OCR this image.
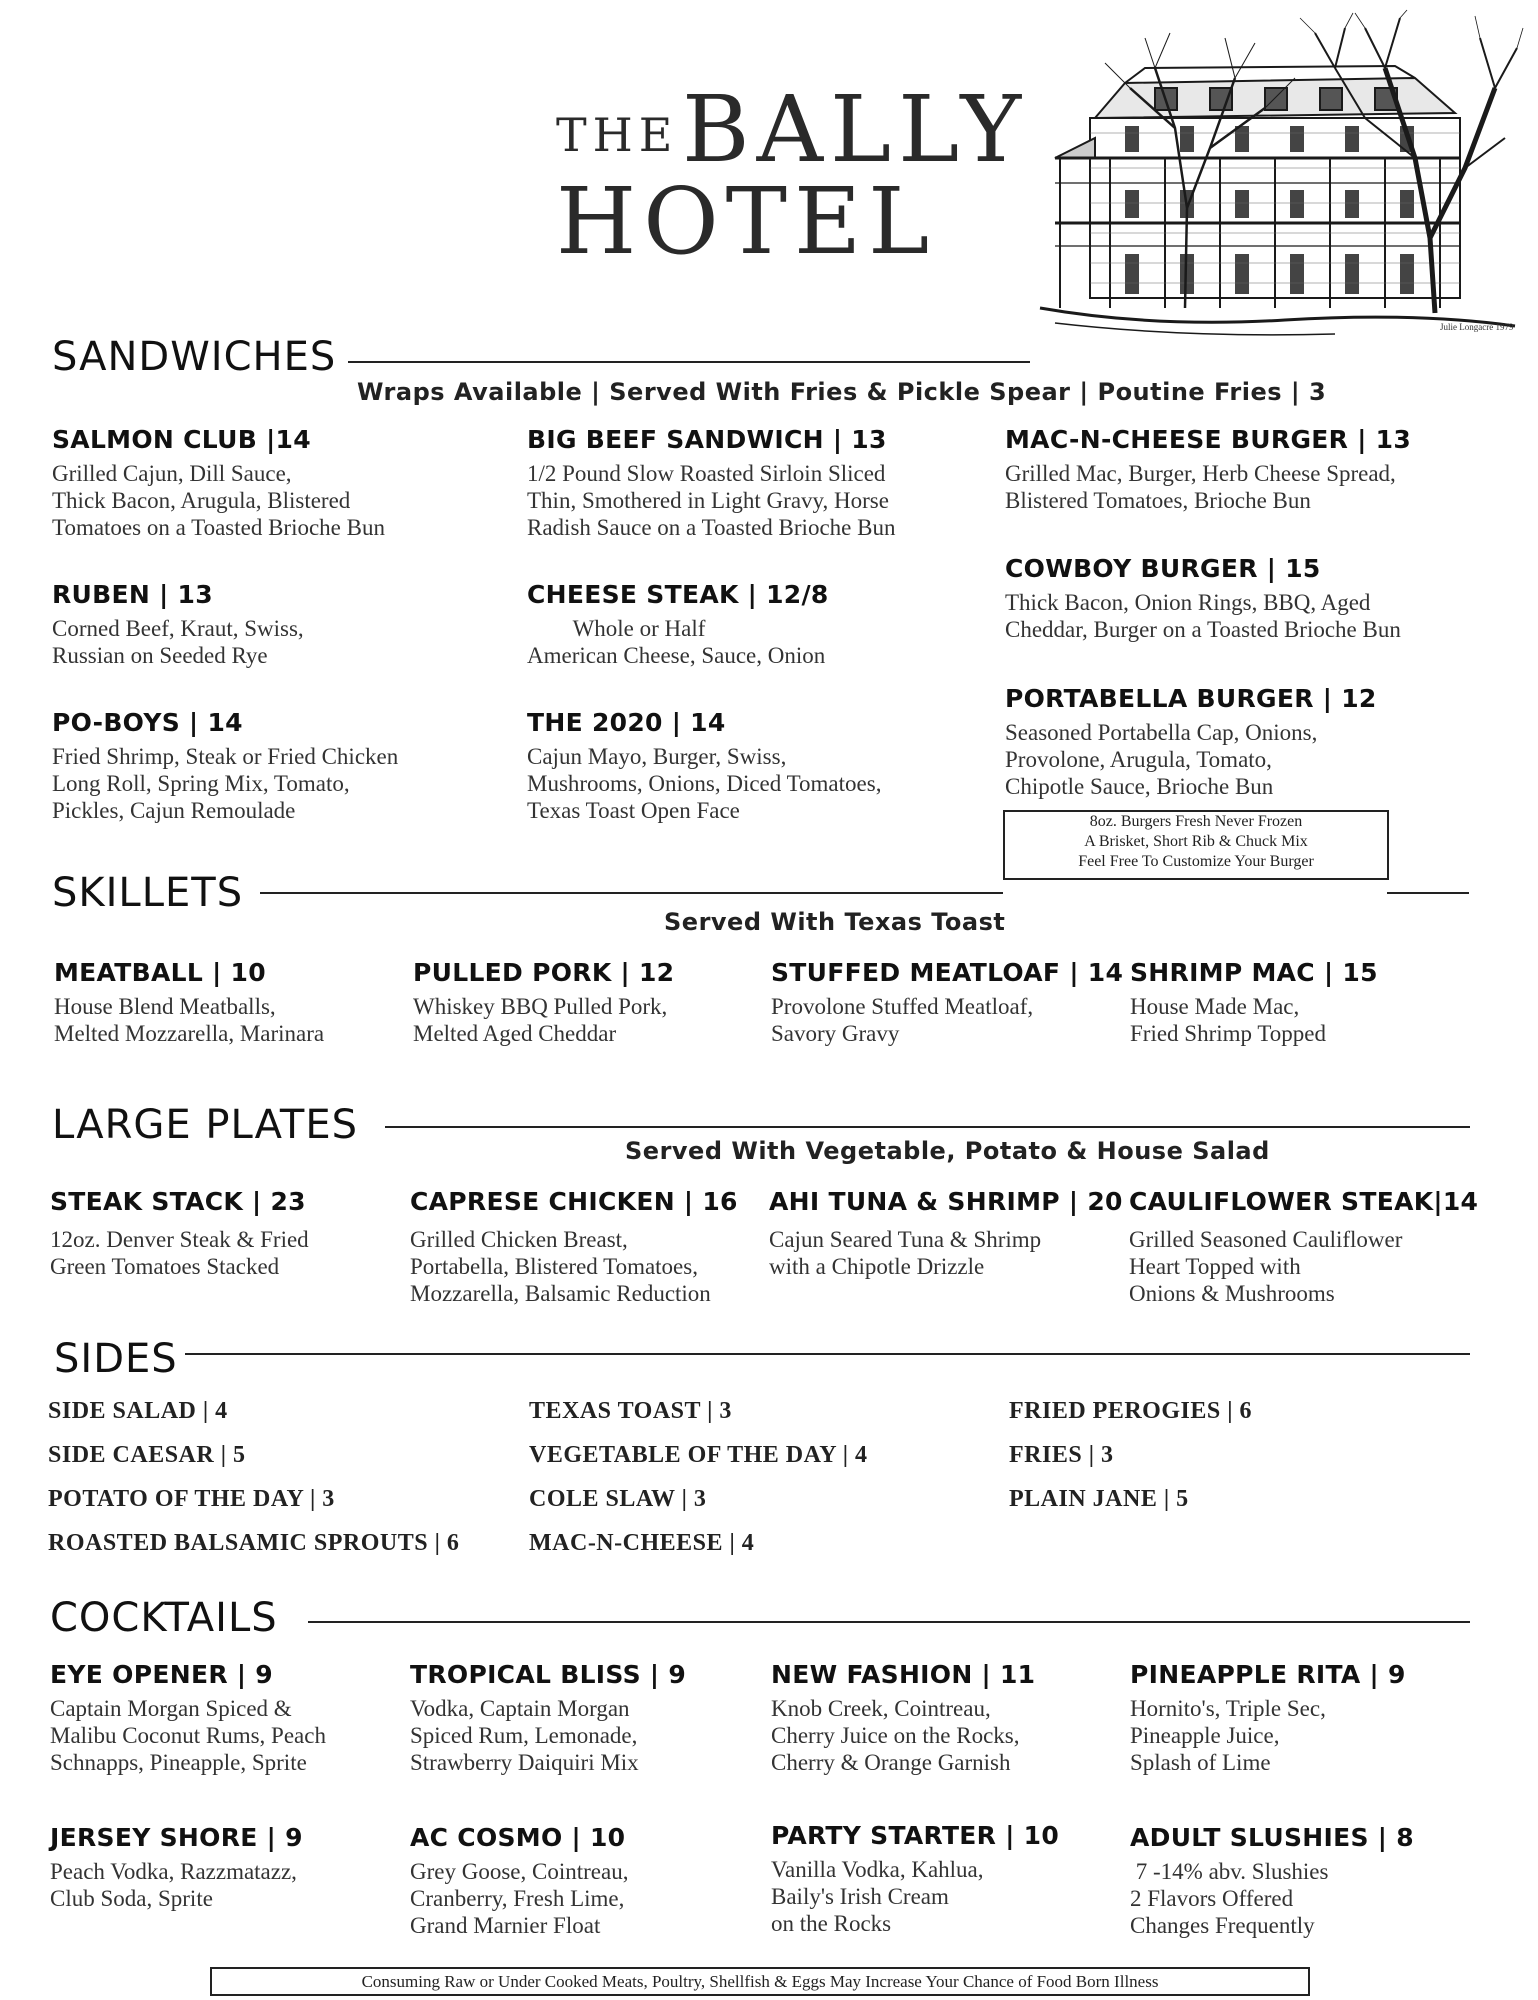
THE BALLY
HOTEL
Julie Longacre 1979
SANDWICHES
Wraps Available | Served With Fries & Pickle Spear | Poutine Fries | 3
SALMON CLUB |14
Grilled Cajun, Dill Sauce,
Thick Bacon, Arugula, Blistered
Tomatoes on a Toasted Brioche Bun
RUBEN | 13
Corned Beef, Kraut, Swiss,
Russian on Seeded Rye
PO-BOYS | 14
Fried Shrimp, Steak or Fried Chicken
Long Roll, Spring Mix, Tomato,
Pickles, Cajun Remoulade
BIG BEEF SANDWICH | 13
1/2 Pound Slow Roasted Sirloin Sliced
Thin, Smothered in Light Gravy, Horse
Radish Sauce on a Toasted Brioche Bun
CHEESE STEAK | 12/8
Whole or Half
American Cheese, Sauce, Onion
THE 2020 | 14
Cajun Mayo, Burger, Swiss,
Mushrooms, Onions, Diced Tomatoes,
Texas Toast Open Face
MAC-N-CHEESE BURGER | 13
Grilled Mac, Burger, Herb Cheese Spread,
Blistered Tomatoes, Brioche Bun
COWBOY BURGER | 15
Thick Bacon, Onion Rings, BBQ, Aged
Cheddar, Burger on a Toasted Brioche Bun
PORTABELLA BURGER | 12
Seasoned Portabella Cap, Onions,
Provolone, Arugula, Tomato,
Chipotle Sauce, Brioche Bun
8oz. Burgers Fresh Never Frozen
A Brisket, Short Rib & Chuck Mix
Feel Free To Customize Your Burger
SKILLETS
Served With Texas Toast
MEATBALL | 10
House Blend Meatballs,
Melted Mozzarella, Marinara
PULLED PORK | 12
Whiskey BBQ Pulled Pork,
Melted Aged Cheddar
STUFFED MEATLOAF | 14
Provolone Stuffed Meatloaf,
Savory Gravy
SHRIMP MAC | 15
House Made Mac,
Fried Shrimp Topped
LARGE PLATES
Served With Vegetable, Potato & House Salad
STEAK STACK | 23
12oz. Denver Steak & Fried
Green Tomatoes Stacked
CAPRESE CHICKEN | 16
Grilled Chicken Breast,
Portabella, Blistered Tomatoes,
Mozzarella, Balsamic Reduction
AHI TUNA & SHRIMP | 20
Cajun Seared Tuna & Shrimp
with a Chipotle Drizzle
CAULIFLOWER STEAK|14
Grilled Seasoned Cauliflower
Heart Topped with
Onions & Mushrooms
SIDES
SIDE SALAD | 4
SIDE CAESAR | 5
POTATO OF THE DAY | 3
ROASTED BALSAMIC SPROUTS | 6
TEXAS TOAST | 3
VEGETABLE OF THE DAY | 4
COLE SLAW | 3
MAC-N-CHEESE | 4
FRIED PEROGIES | 6
FRIES | 3
PLAIN JANE | 5
COCKTAILS
EYE OPENER | 9
Captain Morgan Spiced &
Malibu Coconut Rums, Peach
Schnapps, Pineapple, Sprite
TROPICAL BLISS | 9
Vodka, Captain Morgan
Spiced Rum, Lemonade,
Strawberry Daiquiri Mix
NEW FASHION | 11
Knob Creek, Cointreau,
Cherry Juice on the Rocks,
Cherry & Orange Garnish
PINEAPPLE RITA | 9
Hornito's, Triple Sec,
Pineapple Juice,
Splash of Lime
JERSEY SHORE | 9
Peach Vodka, Razzmatazz,
Club Soda, Sprite
AC COSMO | 10
Grey Goose, Cointreau,
Cranberry, Fresh Lime,
Grand Marnier Float
PARTY STARTER | 10
Vanilla Vodka, Kahlua,
Baily's Irish Cream
on the Rocks
ADULT SLUSHIES | 8
7 -14% abv. Slushies
2 Flavors Offered
Changes Frequently
Consuming Raw or Under Cooked Meats, Poultry, Shellfish & Eggs May Increase Your Chance of Food Born Illness
